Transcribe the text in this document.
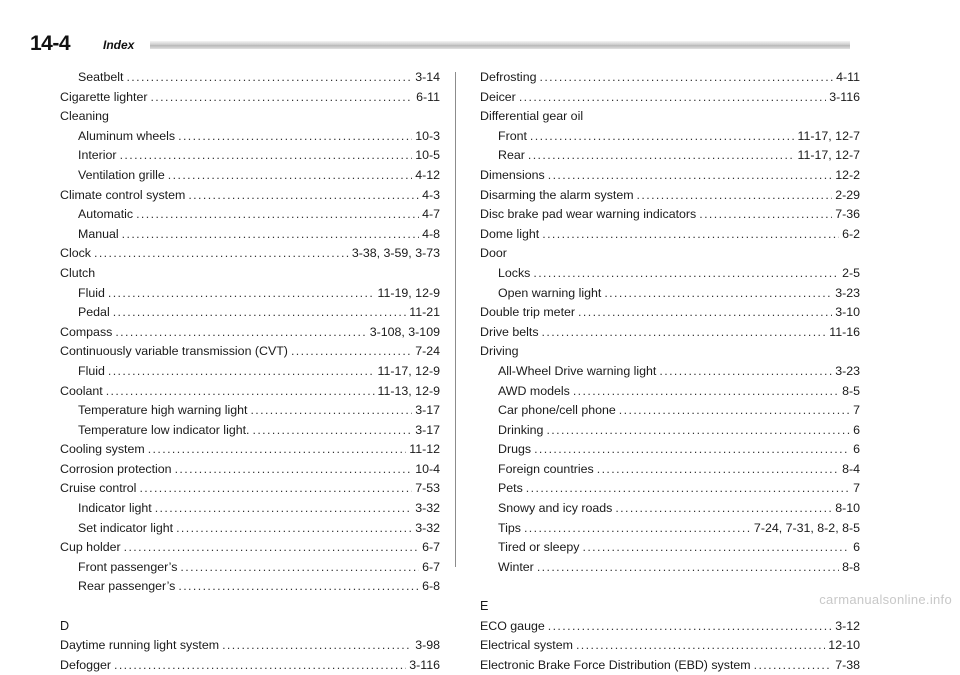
14-4	Index
Seatbelt .....	3-14
Cigarette lighter .....	6-11
Cleaning
Aluminum wheels .....	10-3
Interior .....	10-5
Ventilation grille .....	4-12
Climate control system .....	4-3
Automatic .....	4-7
Manual .....	4-8
Clock .....	3-38, 3-59, 3-73
Clutch
Fluid .....	11-19, 12-9
Pedal .....	11-21
Compass .....	3-108, 3-109
Continuously variable transmission (CVT) .....	7-24
Fluid .....	11-17, 12-9
Coolant .....	11-13, 12-9
Temperature high warning light .....	3-17
Temperature low indicator light. .....	3-17
Cooling system .....	11-12
Corrosion protection .....	10-4
Cruise control .....	7-53
Indicator light .....	3-32
Set indicator light .....	3-32
Cup holder .....	6-7
Front passenger’s .....	6-7
Rear passenger’s .....	6-8
D
Daytime running light system .....	3-98
Defogger .....	3-116
Defrosting .....	4-11
Deicer .....	3-116
Differential gear oil
Front .....	11-17, 12-7
Rear .....	11-17, 12-7
Dimensions .....	12-2
Disarming the alarm system .....	2-29
Disc brake pad wear warning indicators .....	7-36
Dome light .....	6-2
Door
Locks .....	2-5
Open warning light .....	3-23
Double trip meter .....	3-10
Drive belts .....	11-16
Driving
All-Wheel Drive warning light .....	3-23
AWD models .....	8-5
Car phone/cell phone .....	7
Drinking .....	6
Drugs .....	6
Foreign countries .....	8-4
Pets .....	7
Snowy and icy roads .....	8-10
Tips .....	7-24, 7-31, 8-2, 8-5
Tired or sleepy .....	6
Winter .....	8-8
E
ECO gauge .....	3-12
Electrical system .....	12-10
Electronic Brake Force Distribution (EBD) system .....	7-38
carmanualsonline.info
